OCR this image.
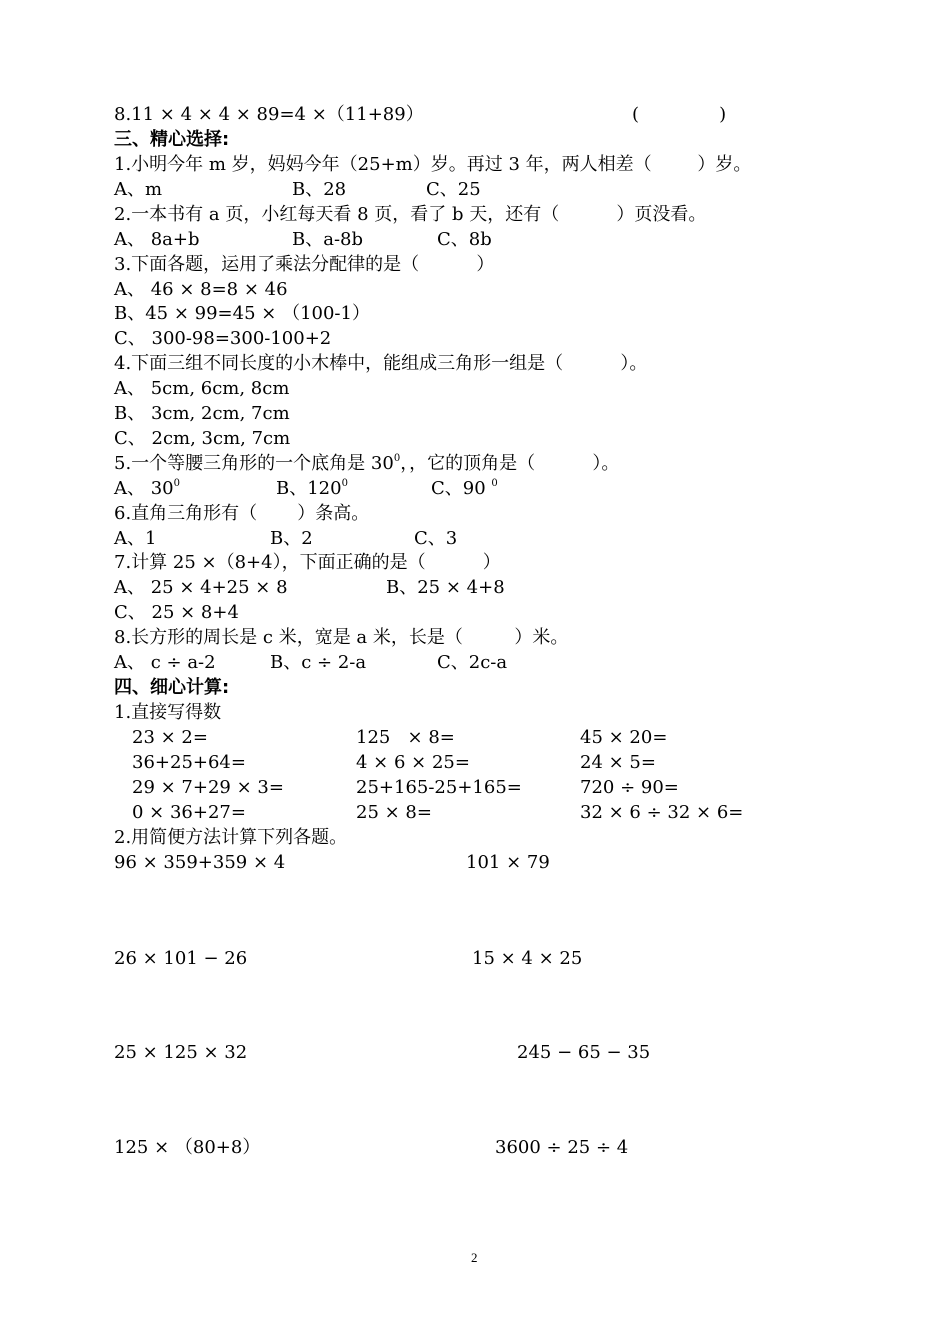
8.11 × 4 × 4 × 89=4 ×（11+89）	(              )
三、精心选择:
1.小明今年 m 岁，妈妈今年（25+m）岁。再过 3 年，两人相差（        ）岁。
A、m	B、28	C、25
2.一本书有 a 页，小红每天看 8 页，看了 b 天，还有（          ）页没看。
A、 8a+b	B、a-8b	C、8b
3.下面各题，运用了乘法分配律的是（          ）
A、 46 × 8=8 × 46
B、45 × 99=45 × （100-1）
C、 300-98=300-100+2
4.下面三组不同长度的小木棒中，能组成三角形一组是（          ）。
A、 5cm, 6cm, 8cm
B、 3cm, 2cm, 7cm
C、 2cm, 3cm, 7cm
5.一个等腰三角形的一个底角是 $30^0$，，它的顶角是（          ）。
A、 $30^0$	B、$120^0$	C、90 $^0$
6.直角三角形有（       ）条高。
A、1	B、2	C、3
7.计算 25 ×（8+4），下面正确的是（          ）
A、 25 × 4+25 × 8	B、25 × 4+8
C、 25 × 8+4
8.长方形的周长是 c 米，宽是 a 米，长是（         ）米。
A、 c ÷ a-2	B、c ÷ 2-a	C、2c-a
四、细心计算:
1.直接写得数
23 × 2=	125   × 8=	45 × 20=
36+25+64=	4 × 6 × 25=	24 × 5=
29 × 7+29 × 3=	25+165-25+165=	720 ÷ 90=
0 × 36+27=	25 × 8=	32 × 6 ÷ 32 × 6=
2.用简便方法计算下列各题。
96 × 359+359 × 4	101 × 79
26 × 101 − 26	15 × 4 × 25
25 × 125 × 32	245 − 65 − 35
125 × （80+8）	3600 ÷ 25 ÷ 4
2
